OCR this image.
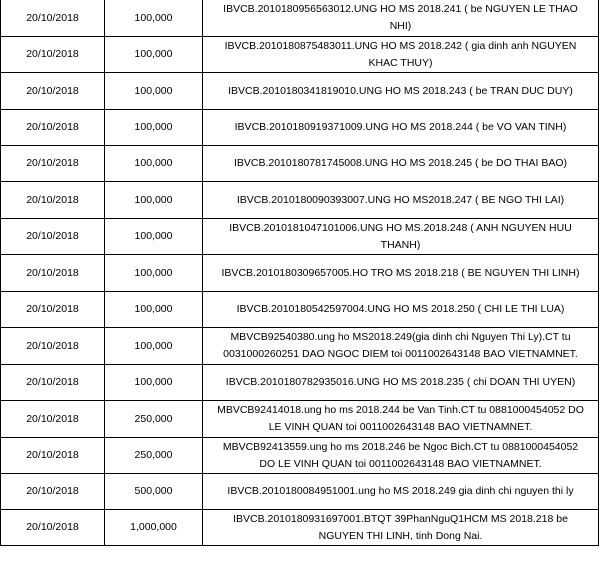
20/10/2018	100,000	IBVCB.2010180956563012.UNG HO MS 2018.241 ( be NGUYEN LE THAO NHI)
20/10/2018	100,000	IBVCB.2010180875483011.UNG HO MS 2018.242 ( gia dinh anh NGUYEN KHAC THUY)
20/10/2018	100,000	IBVCB.2010180341819010.UNG HO MS 2018.243 ( be TRAN DUC DUY)
20/10/2018	100,000	IBVCB.2010180919371009.UNG HO MS 2018.244 ( be VO VAN TINH)
20/10/2018	100,000	IBVCB.2010180781745008.UNG HO MS 2018.245 ( be DO THAI BAO)
20/10/2018	100,000	IBVCB.2010180090393007.UNG HO MS2018.247 ( BE NGO THI LAI)
20/10/2018	100,000	IBVCB.2010181047101006.UNG HO MS.2018.248 ( ANH NGUYEN HUU THANH)
20/10/2018	100,000	IBVCB.2010180309657005.HO TRO MS 2018.218 ( BE NGUYEN THI LINH)
20/10/2018	100,000	IBVCB.2010180542597004.UNG HO MS 2018.250 ( CHI LE THI LUA)
20/10/2018	100,000	MBVCB92540380.ung ho MS2018.249(gia dinh chi Nguyen Thi Ly).CT tu 0031000260251 DAO NGOC DIEM toi 0011002643148 BAO VIETNAMNET.
20/10/2018	100,000	IBVCB.2010180782935016.UNG HO MS 2018.235 ( chi DOAN THI UYEN)
20/10/2018	250,000	MBVCB92414018.ung ho ms 2018.244 be Van Tinh.CT tu 0881000454052 DO LE VINH QUAN toi 0011002643148 BAO VIETNAMNET.
20/10/2018	250,000	MBVCB92413559.ung ho ms 2018.246 be Ngoc Bich.CT tu 0881000454052 DO LE VINH QUAN toi 0011002643148 BAO VIETNAMNET.
20/10/2018	500,000	IBVCB.2010180084951001.ung ho MS 2018.249 gia dinh chi nguyen thi ly
20/10/2018	1,000,000	IBVCB.2010180931697001.BTQT 39PhanNguQ1HCM MS 2018.218 be NGUYEN THI LINH, tinh Dong Nai.
